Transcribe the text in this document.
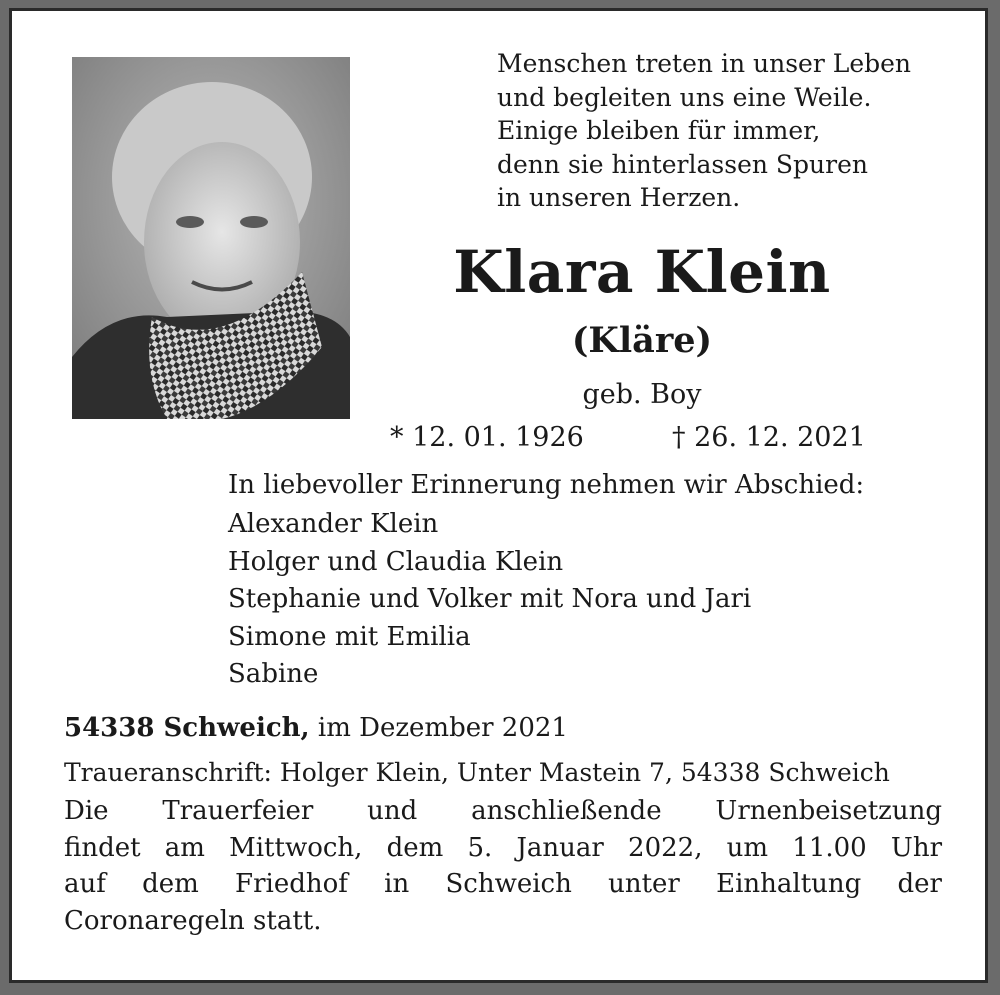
Menschen treten in unser Leben
und begleiten uns eine Weile.
Einige bleiben für immer,
denn sie hinterlassen Spuren
in unseren Herzen.
Klara Klein
(Kläre)
geb. Boy
* 12. 01. 1926	† 26. 12. 2021
In liebevoller Erinnerung nehmen wir Abschied:
Alexander Klein
Holger und Claudia Klein
Stephanie und Volker mit Nora und Jari
Simone mit Emilia
Sabine
54338 Schweich, im Dezember 2021
Traueranschrift: Holger Klein, Unter Mastein 7, 54338 Schweich
Die Trauerfeier und anschließende Urnenbeisetzung
findet am Mittwoch, dem 5. Januar 2022, um 11.00 Uhr
auf dem Friedhof in Schweich unter Einhaltung der
Coronaregeln statt.
